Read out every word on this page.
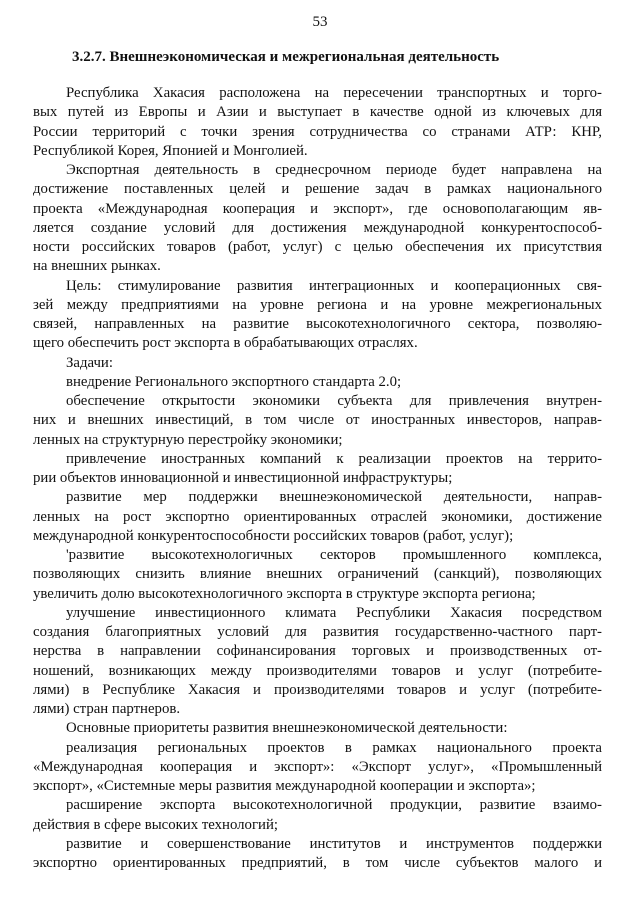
53
3.2.7. Внешнеэкономическая и межрегиональная деятельность
Республика Хакасия расположена на пересечении транспортных и торго-
вых путей из Европы и Азии и выступает в качестве одной из ключевых для
России территорий с точки зрения сотрудничества со странами АТР: КНР,
Республикой Корея, Японией и Монголией.
Экспортная деятельность в среднесрочном периоде будет направлена на
достижение поставленных целей и решение задач в рамках национального
проекта «Международная кооперация и экспорт», где основополагающим яв-
ляется создание условий для достижения международной конкурентоспособ-
ности российских товаров (работ, услуг) с целью обеспечения их присутствия
на внешних рынках.
Цель: стимулирование развития интеграционных и кооперационных свя-
зей между предприятиями на уровне региона и на уровне межрегиональных
связей, направленных на развитие высокотехнологичного сектора, позволяю-
щего обеспечить рост экспорта в обрабатывающих отраслях.
Задачи:
внедрение Регионального экспортного стандарта 2.0;
обеспечение открытости экономики субъекта для привлечения внутрен-
них и внешних инвестиций, в том числе от иностранных инвесторов, направ-
ленных на структурную перестройку экономики;
привлечение иностранных компаний к реализации проектов на террито-
рии объектов инновационной и инвестиционной инфраструктуры;
развитие мер поддержки внешнеэкономической деятельности, направ-
ленных на рост экспортно ориентированных отраслей экономики, достижение
международной конкурентоспособности российских товаров (работ, услуг);
'развитие высокотехнологичных секторов промышленного комплекса,
позволяющих снизить влияние внешних ограничений (санкций), позволяющих
увеличить долю высокотехнологичного экспорта в структуре экспорта региона;
улучшение инвестиционного климата Республики Хакасия посредством
создания благоприятных условий для развития государственно-частного парт-
нерства в направлении софинансирования торговых и производственных от-
ношений, возникающих между производителями товаров и услуг (потребите-
лями) в Республике Хакасия и производителями товаров и услуг (потребите-
лями) стран партнеров.
Основные приоритеты развития внешнеэкономической деятельности:
реализация региональных проектов в рамках национального проекта
«Международная кооперация и экспорт»: «Экспорт услуг», «Промышленный
экспорт», «Системные меры развития международной кооперации и экспорта»;
расширение экспорта высокотехнологичной продукции, развитие взаимо-
действия в сфере высоких технологий;
развитие и совершенствование институтов и инструментов поддержки
экспортно ориентированных предприятий, в том числе субъектов малого и
